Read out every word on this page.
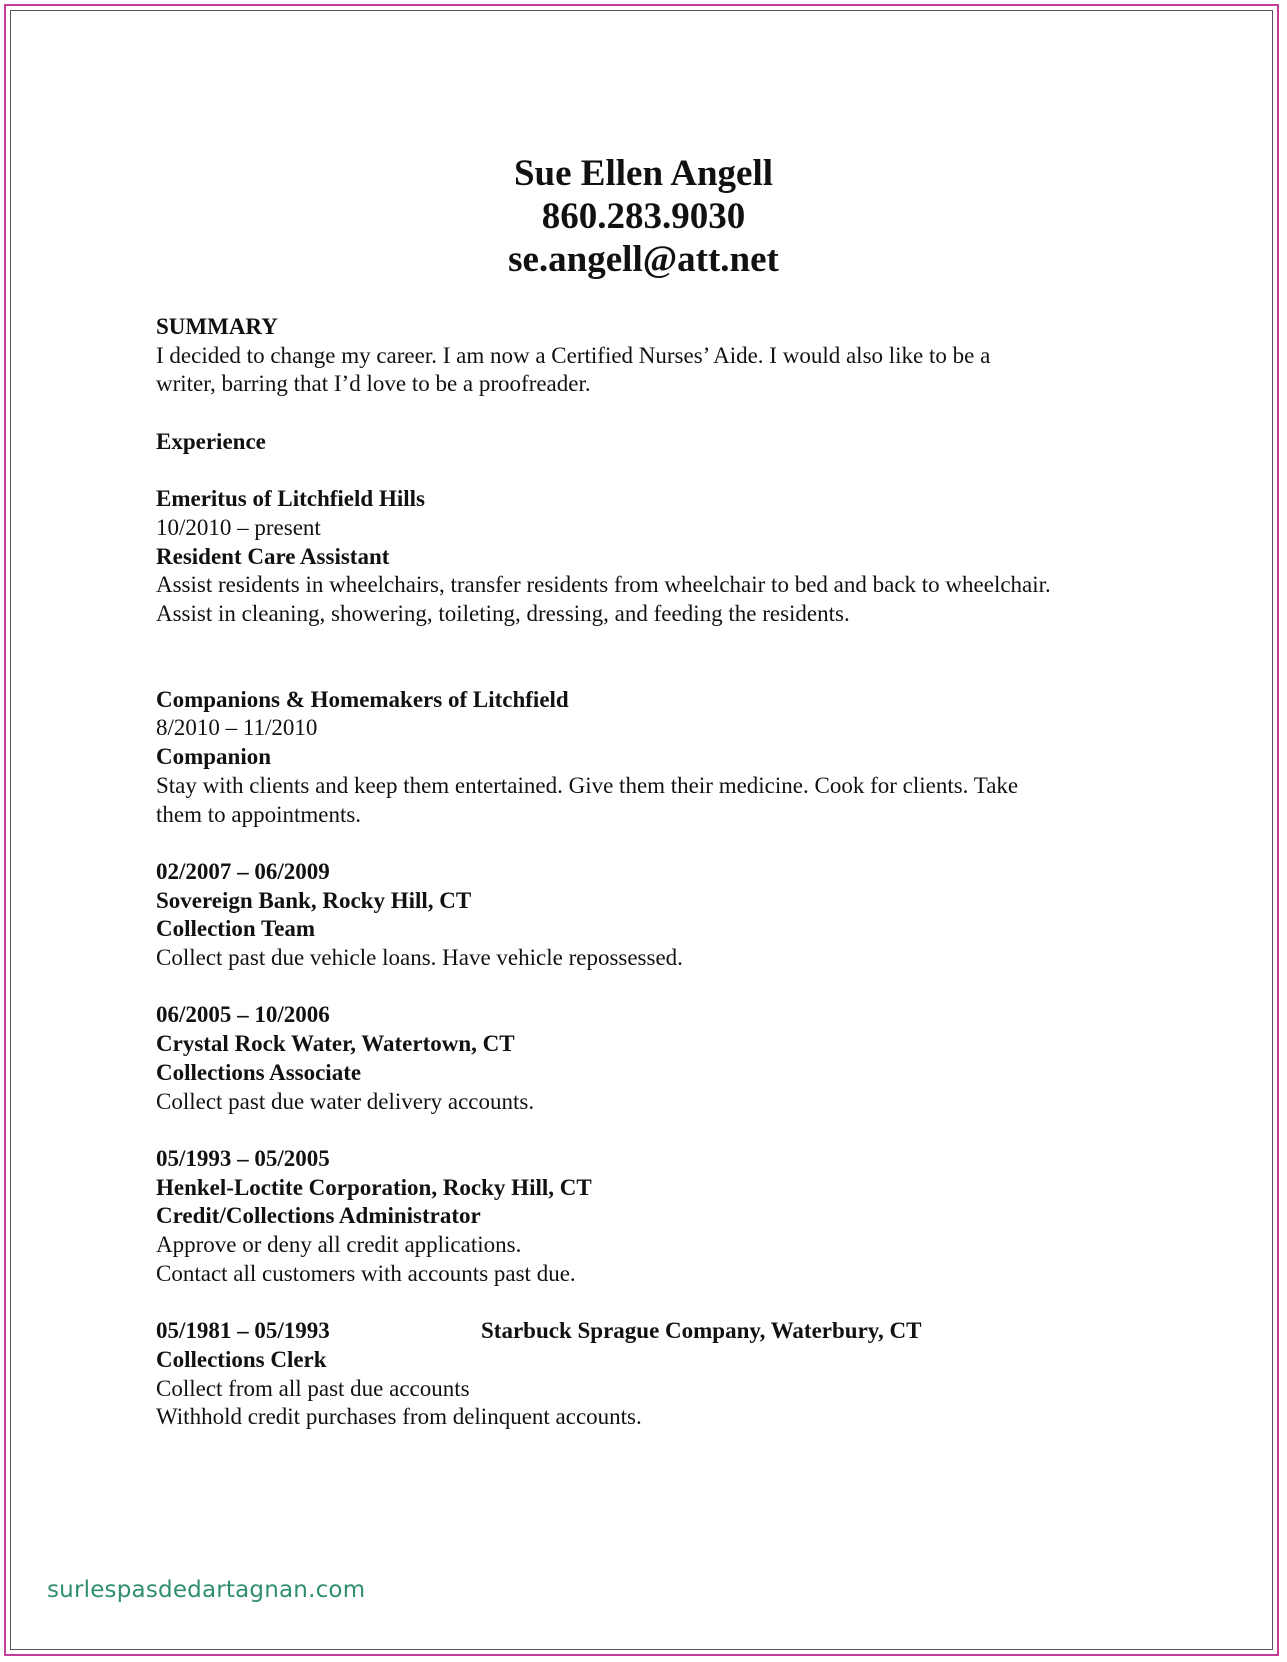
Sue Ellen Angell
860.283.9030
se.angell@att.net
SUMMARY
I decided to change my career. I am now a Certified Nurses’ Aide. I would also like to be a
writer, barring that I’d love to be a proofreader.
Experience
Emeritus of Litchfield Hills
10/2010 – present
Resident Care Assistant
Assist residents in wheelchairs, transfer residents from wheelchair to bed and back to wheelchair.
Assist in cleaning, showering, toileting, dressing, and feeding the residents.
Companions & Homemakers of Litchfield
8/2010 – 11/2010
Companion
Stay with clients and keep them entertained. Give them their medicine. Cook for clients. Take
them to appointments.
02/2007 – 06/2009
Sovereign Bank, Rocky Hill, CT
Collection Team
Collect past due vehicle loans. Have vehicle repossessed.
06/2005 – 10/2006
Crystal Rock Water, Watertown, CT
Collections Associate
Collect past due water delivery accounts.
05/1993 – 05/2005
Henkel-Loctite Corporation, Rocky Hill, CT
Credit/Collections Administrator
Approve or deny all credit applications.
Contact all customers with accounts past due.
05/1981 – 05/1993	Starbuck Sprague Company, Waterbury, CT
Collections Clerk
Collect from all past due accounts
Withhold credit purchases from delinquent accounts.
surlespasdedartagnan.com
